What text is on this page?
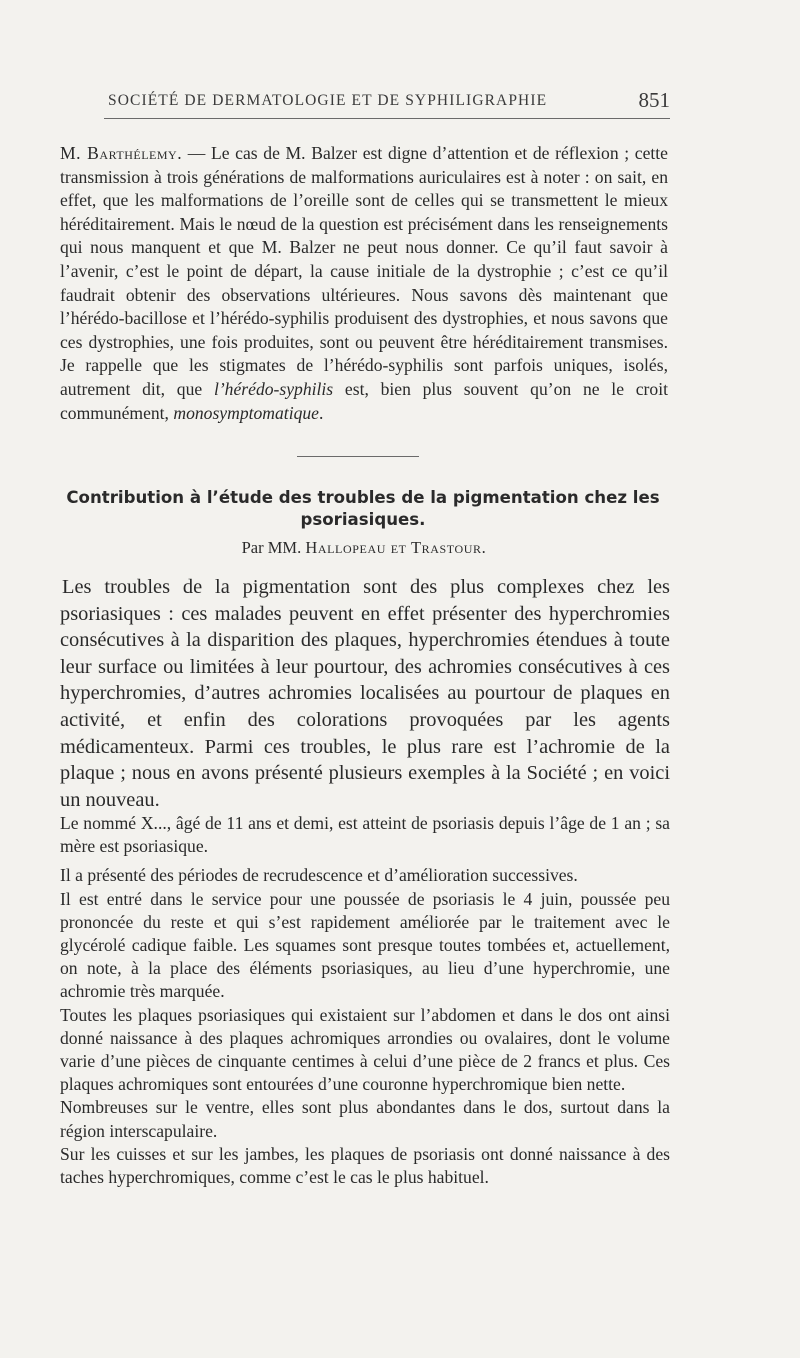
SOCIÉTÉ DE DERMATOLOGIE ET DE SYPHILIGRAPHIE	851
M. Barthélemy. — Le cas de M. Balzer est digne d’attention et de réflexion ; cette transmission à trois générations de malformations auriculaires est à noter : on sait, en effet, que les malformations de l’oreille sont de celles qui se transmettent le mieux héréditairement. Mais le nœud de la question est précisément dans les renseignements qui nous manquent et que M. Balzer ne peut nous donner. Ce qu’il faut savoir à l’avenir, c’est le point de départ, la cause initiale de la dystrophie ; c’est ce qu’il faudrait obtenir des observations ultérieures. Nous savons dès maintenant que l’hérédo-bacillose et l’hérédo-syphilis produisent des dystrophies, et nous savons que ces dystrophies, une fois produites, sont ou peuvent être héréditairement transmises. Je rappelle que les stigmates de l’hérédo-syphilis sont parfois uniques, isolés, autrement dit, que l’hérédo-syphilis est, bien plus souvent qu’on ne le croit communément, monosymptomatique.
Contribution à l’étude des troubles de la pigmentation chez les psoriasiques.
Par MM. Hallopeau et Trastour.

Les troubles de la pigmentation sont des plus complexes chez les psoriasiques : ces malades peuvent en effet présenter des hyperchromies consécutives à la disparition des plaques, hyperchromies étendues à toute leur surface ou limitées à leur pourtour, des achromies consécutives à ces hyperchromies, d’autres achromies localisées au pourtour de plaques en activité, et enfin des colorations provoquées par les agents médicamenteux. Parmi ces troubles, le plus rare est l’achromie de la plaque ; nous en avons présenté plusieurs exemples à la Société ; en voici un nouveau.

Le nommé X..., âgé de 11 ans et demi, est atteint de psoriasis depuis l’âge de 1 an ; sa mère est psoriasique.

Il a présenté des périodes de recrudescence et d’amélioration successives.

Il est entré dans le service pour une poussée de psoriasis le 4 juin, poussée peu prononcée du reste et qui s’est rapidement améliorée par le traitement avec le glycérolé cadique faible. Les squames sont presque toutes tombées et, actuellement, on note, à la place des éléments psoriasiques, au lieu d’une hyperchromie, une achromie très marquée.

Toutes les plaques psoriasiques qui existaient sur l’abdomen et dans le dos ont ainsi donné naissance à des plaques achromiques arrondies ou ovalaires, dont le volume varie d’une pièces de cinquante centimes à celui d’une pièce de 2 francs et plus. Ces plaques achromiques sont entourées d’une couronne hyperchromique bien nette.

Nombreuses sur le ventre, elles sont plus abondantes dans le dos, surtout dans la région interscapulaire.

Sur les cuisses et sur les jambes, les plaques de psoriasis ont donné naissance à des taches hyperchromiques, comme c’est le cas le plus habituel.
